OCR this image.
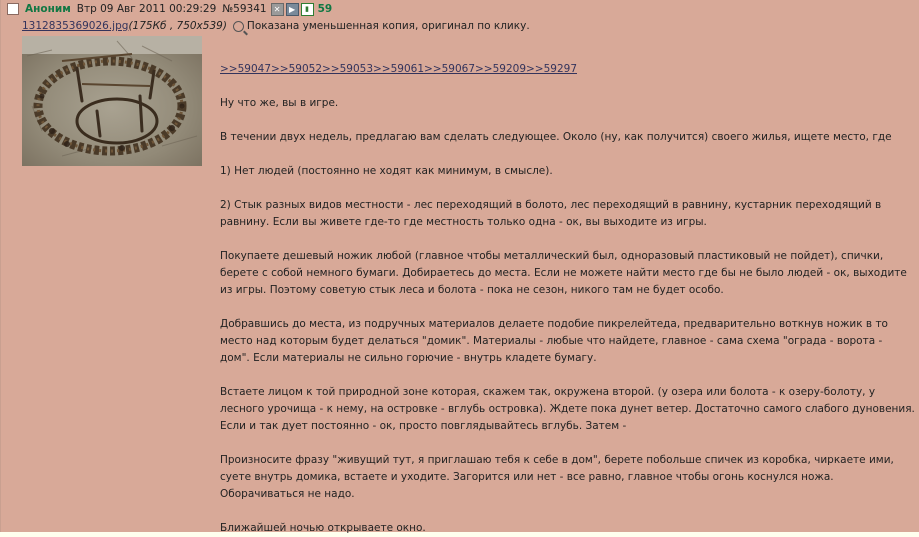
Аноним Втр 09 Авг 2011 00:29:29 №59341 ✕	▶	▮ 59
1312835369026.jpg (175Кб , 750x539) Показана уменьшенная копия, оригинал по клику.

>>59047>>59052>>59053>>59061>>59067>>59209>>59297

Ну что же, вы в игре.

В течении двух недель, предлагаю вам сделать следующее. Около (ну, как получится) своего жилья, ищете место, где

1) Нет людей (постоянно не ходят как минимум, в смысле).

2) Стык разных видов местности - лес переходящий в болото, лес переходящий в равнину, кустарник переходящий в равнину. Если вы живете где-то где местность только одна - ок, вы выходите из игры.

Покупаете дешевый ножик любой (главное чтобы металлический был, одноразовый пластиковый не пойдет), спички, берете с собой немного бумаги. Добираетесь до места. Если не можете найти место где бы не было людей - ок, выходите из игры. Поэтому советую стык леса и болота - пока не сезон, никого там не будет особо.

Добравшись до места, из подручных материалов делаете подобие пикрелейтеда, предварительно воткнув ножик в то место над которым будет делаться "домик". Материалы - любые что найдете, главное - сама схема "ограда - ворота - дом". Если материалы не сильно горючие - внутрь кладете бумагу.

Встаете лицом к той природной зоне которая, скажем так, окружена второй. (у озера или болота - к озеру-болоту, у лесного урочища - к нему, на островке - вглубь островка). Ждете пока дунет ветер. Достаточно самого слабого дуновения. Если и так дует постоянно - ок, просто повглядывайтесь вглубь. Затем -

Произносите фразу "живущий тут, я приглашаю тебя к себе в дом", берете побольше спичек из коробка, чиркаете ими, суете внутрь домика, встаете и уходите. Загорится или нет - все равно, главное чтобы огонь коснулся ножа. Оборачиваться не надо.

Ближайшей ночью открываете окно.
